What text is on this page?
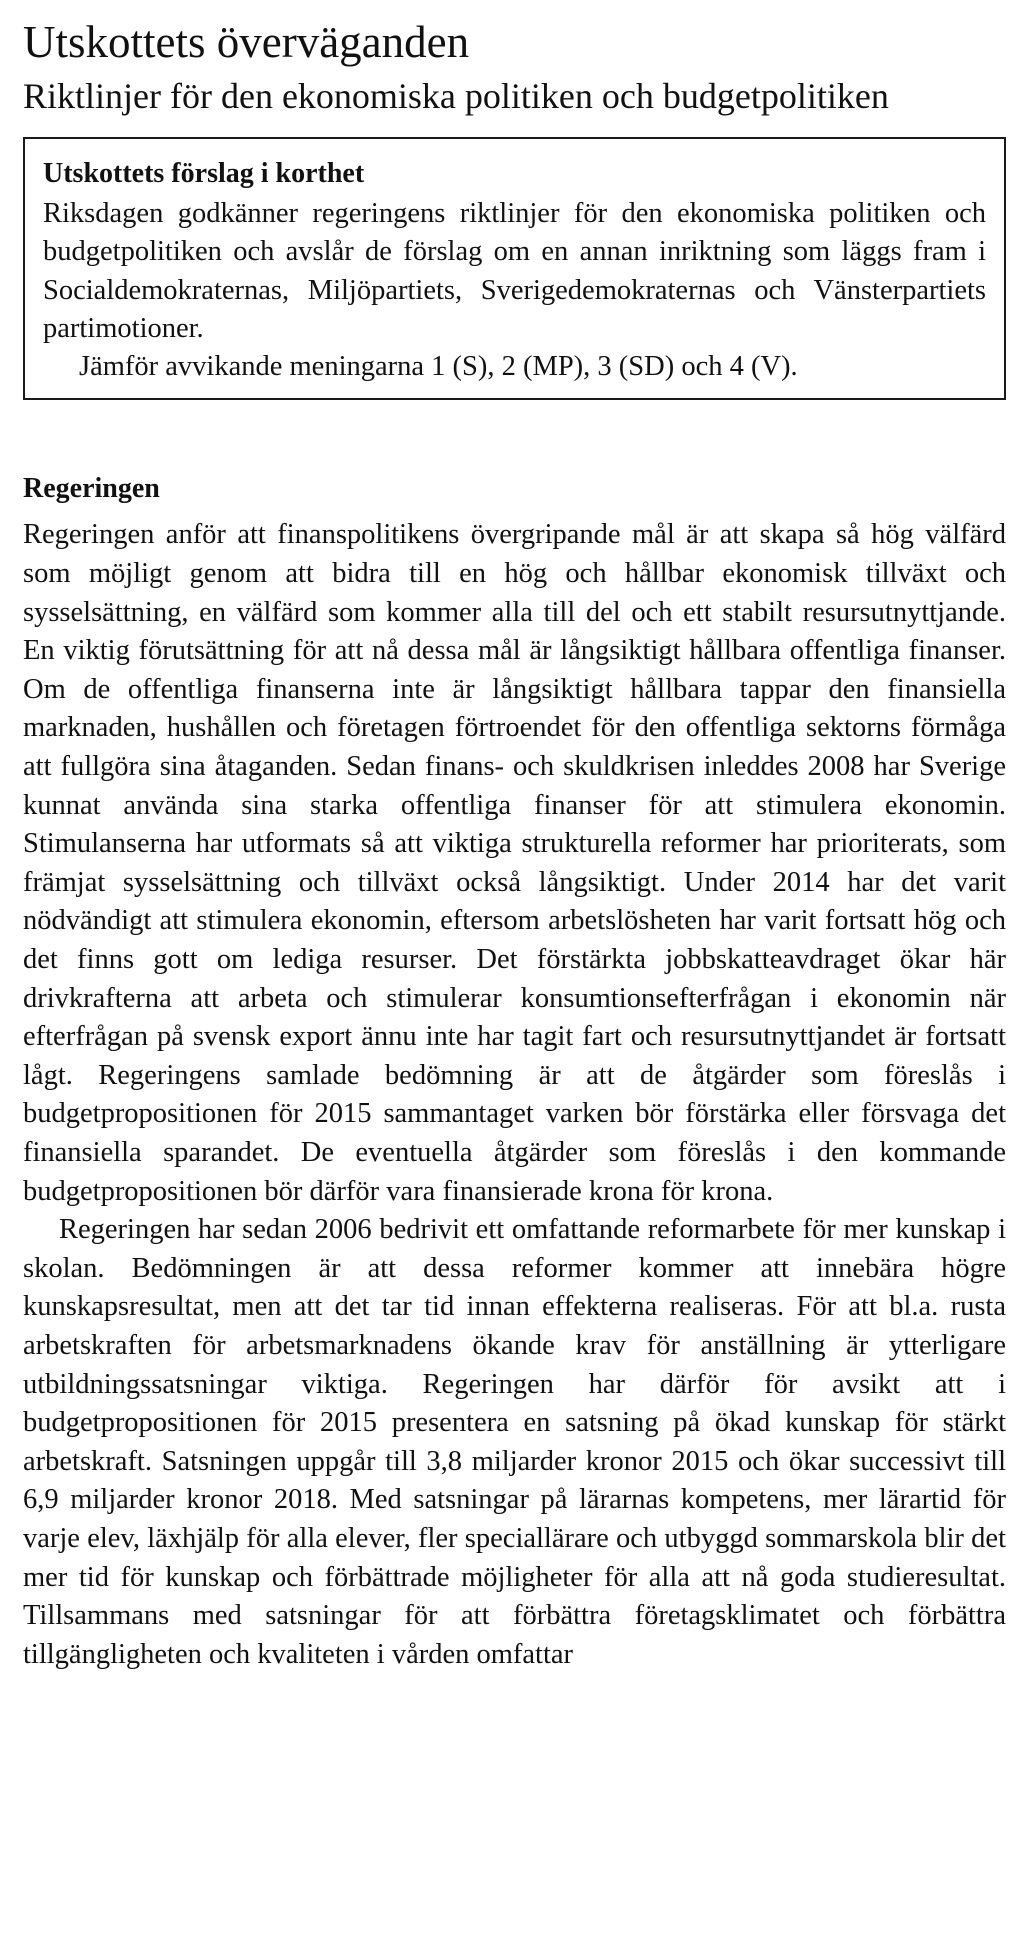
Utskottets överväganden
Riktlinjer för den ekonomiska politiken och budgetpolitiken
Utskottets förslag i korthet

Riksdagen godkänner regeringens riktlinjer för den ekonomiska politiken och budgetpolitiken och avslår de förslag om en annan inriktning som läggs fram i Socialdemokraternas, Miljöpartiets, Sverigedemokraternas och Vänsterpartiets partimotioner.

Jämför avvikande meningarna 1 (S), 2 (MP), 3 (SD) och 4 (V).

Regeringen

Regeringen anför att finanspolitikens övergripande mål är att skapa så hög välfärd som möjligt genom att bidra till en hög och hållbar ekonomisk tillväxt och sysselsättning, en välfärd som kommer alla till del och ett stabilt resursutnyttjande. En viktig förutsättning för att nå dessa mål är långsiktigt hållbara offentliga finanser. Om de offentliga finanserna inte är långsiktigt hållbara tappar den finansiella marknaden, hushållen och företagen förtroendet för den offentliga sektorns förmåga att fullgöra sina åtaganden. Sedan finans- och skuldkrisen inleddes 2008 har Sverige kunnat använda sina starka offentliga finanser för att stimulera ekonomin. Stimulanserna har utformats så att viktiga strukturella reformer har prioriterats, som främjat sysselsättning och tillväxt också långsiktigt. Under 2014 har det varit nödvändigt att stimulera ekonomin, eftersom arbetslösheten har varit fortsatt hög och det finns gott om lediga resurser. Det förstärkta jobbskatteavdraget ökar här drivkrafterna att arbeta och stimulerar konsumtionsefterfrågan i ekonomin när efterfrågan på svensk export ännu inte har tagit fart och resursutnyttjandet är fortsatt lågt. Regeringens samlade bedömning är att de åtgärder som föreslås i budgetpropositionen för 2015 sammantaget varken bör förstärka eller försvaga det finansiella sparandet. De eventuella åtgärder som föreslås i den kommande budgetpropositionen bör därför vara finansierade krona för krona.

Regeringen har sedan 2006 bedrivit ett omfattande reformarbete för mer kunskap i skolan. Bedömningen är att dessa reformer kommer att innebära högre kunskapsresultat, men att det tar tid innan effekterna realiseras. För att bl.a. rusta arbetskraften för arbetsmarknadens ökande krav för anställning är ytterligare utbildningssatsningar viktiga. Regeringen har därför för avsikt att i budgetpropositionen för 2015 presentera en satsning på ökad kunskap för stärkt arbetskraft. Satsningen uppgår till 3,8 miljarder kronor 2015 och ökar successivt till 6,9 miljarder kronor 2018. Med satsningar på lärarnas kompetens, mer lärartid för varje elev, läxhjälp för alla elever, fler speciallärare och utbyggd sommarskola blir det mer tid för kunskap och förbättrade möjligheter för alla att nå goda studieresultat. Tillsammans med satsningar för att förbättra företagsklimatet och förbättra tillgängligheten och kvaliteten i vården omfattar
